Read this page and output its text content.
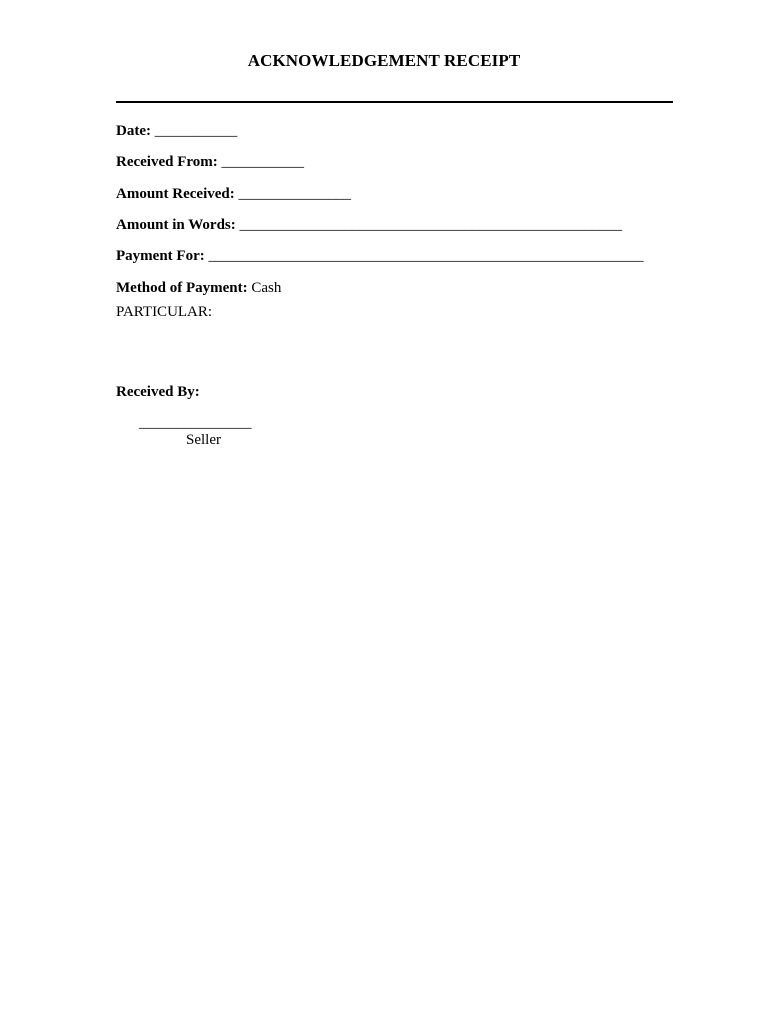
ACKNOWLEDGEMENT RECEIPT
Date: ___________
Received From: ___________
Amount Received: _______________
Amount in Words: ___________________________________________________
Payment For: __________________________________________________________
Method of Payment: Cash
PARTICULAR:
Received By:
_______________
Seller
